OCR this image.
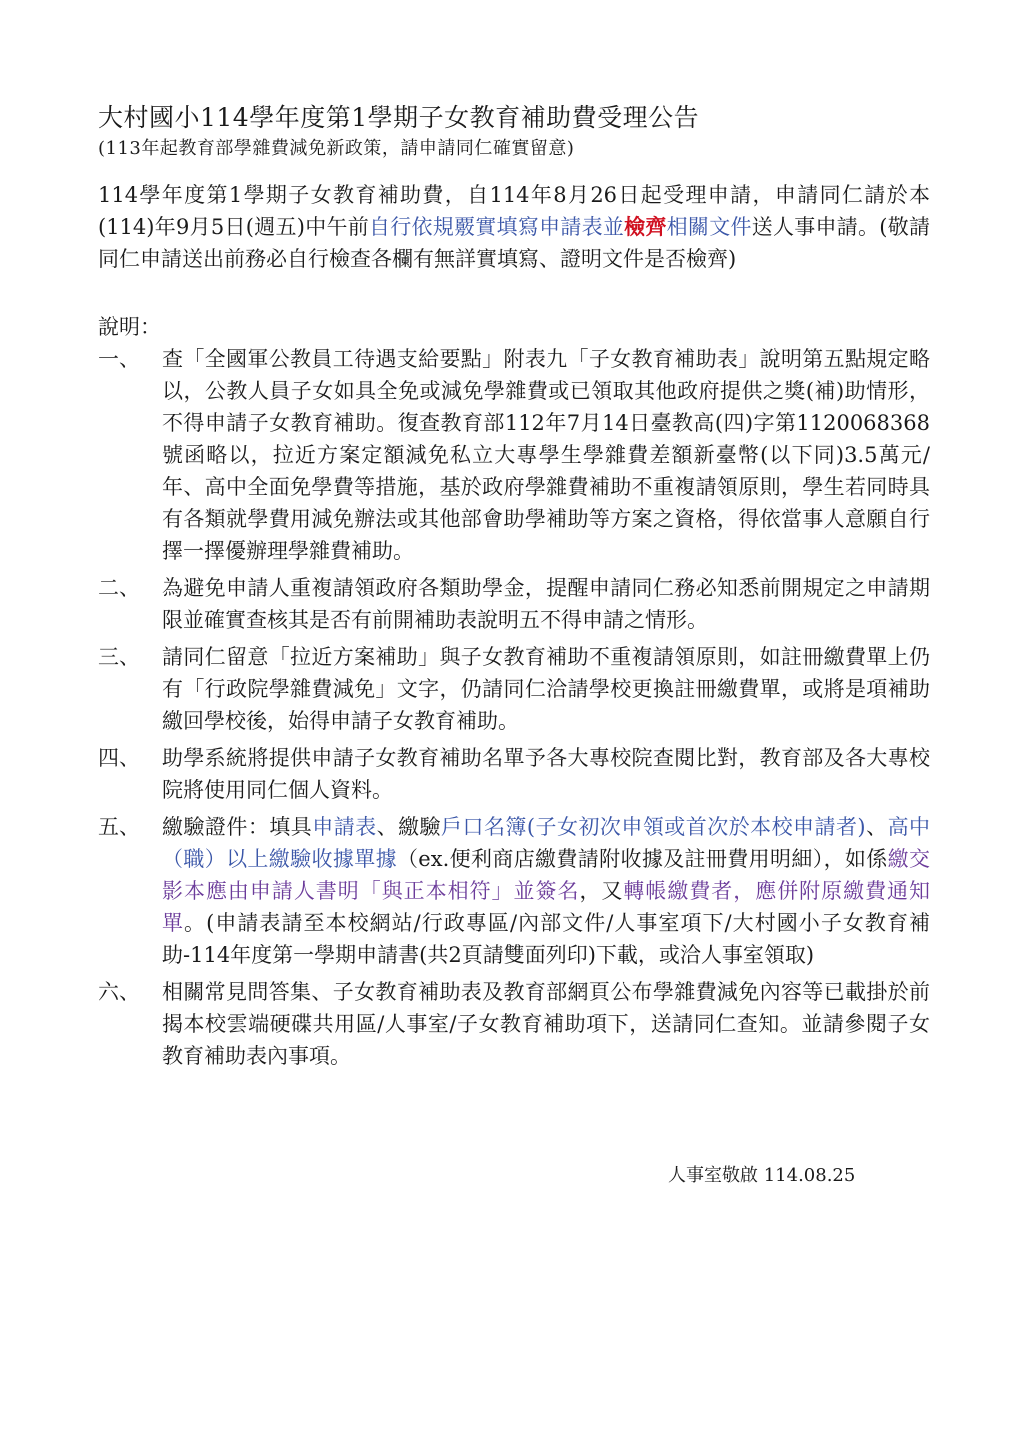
大村國小114學年度第1學期子女教育補助費受理公告
(113年起教育部學雜費減免新政策，請申請同仁確實留意)
114學年度第1學期子女教育補助費，自114年8月26日起受理申請，申請同仁請於本(114)年9月5日(週五)中午前自行依規覈實填寫申請表並檢齊相關文件送人事申請。(敬請同仁申請送出前務必自行檢查各欄有無詳實填寫、證明文件是否檢齊)
說明：
一、	查「全國軍公教員工待遇支給要點」附表九「子女教育補助表」說明第五點規定略以，公教人員子女如具全免或減免學雜費或已領取其他政府提供之獎(補)助情形，不得申請子女教育補助。復查教育部112年7月14日臺教高(四)字第1120068368號函略以，拉近方案定額減免私立大專學生學雜費差額新臺幣(以下同)3.5萬元/年、高中全面免學費等措施，基於政府學雜費補助不重複請領原則，學生若同時具有各類就學費用減免辦法或其他部會助學補助等方案之資格，得依當事人意願自行擇一擇優辦理學雜費補助。
二、	為避免申請人重複請領政府各類助學金，提醒申請同仁務必知悉前開規定之申請期限並確實查核其是否有前開補助表說明五不得申請之情形。
三、	請同仁留意「拉近方案補助」與子女教育補助不重複請領原則，如註冊繳費單上仍有「行政院學雜費減免」文字，仍請同仁洽請學校更換註冊繳費單，或將是項補助繳回學校後，始得申請子女教育補助。
四、	助學系統將提供申請子女教育補助名單予各大專校院查閱比對，教育部及各大專校院將使用同仁個人資料。
五、	繳驗證件：填具申請表、繳驗戶口名簿(子女初次申領或首次於本校申請者)、高中（職）以上繳驗收據單據（ex.便利商店繳費請附收據及註冊費用明細），如係繳交影本應由申請人書明「與正本相符」並簽名，又轉帳繳費者，應併附原繳費通知單。(申請表請至本校網站/行政專區/內部文件/人事室項下/大村國小子女教育補助-114年度第一學期申請書(共2頁請雙面列印)下載，或洽人事室領取)
六、	相關常見問答集、子女教育補助表及教育部網頁公布學雜費減免內容等已載掛於前揭本校雲端硬碟共用區/人事室/子女教育補助項下，送請同仁查知。並請參閱子女教育補助表內事項。
人事室敬啟 114.08.25
